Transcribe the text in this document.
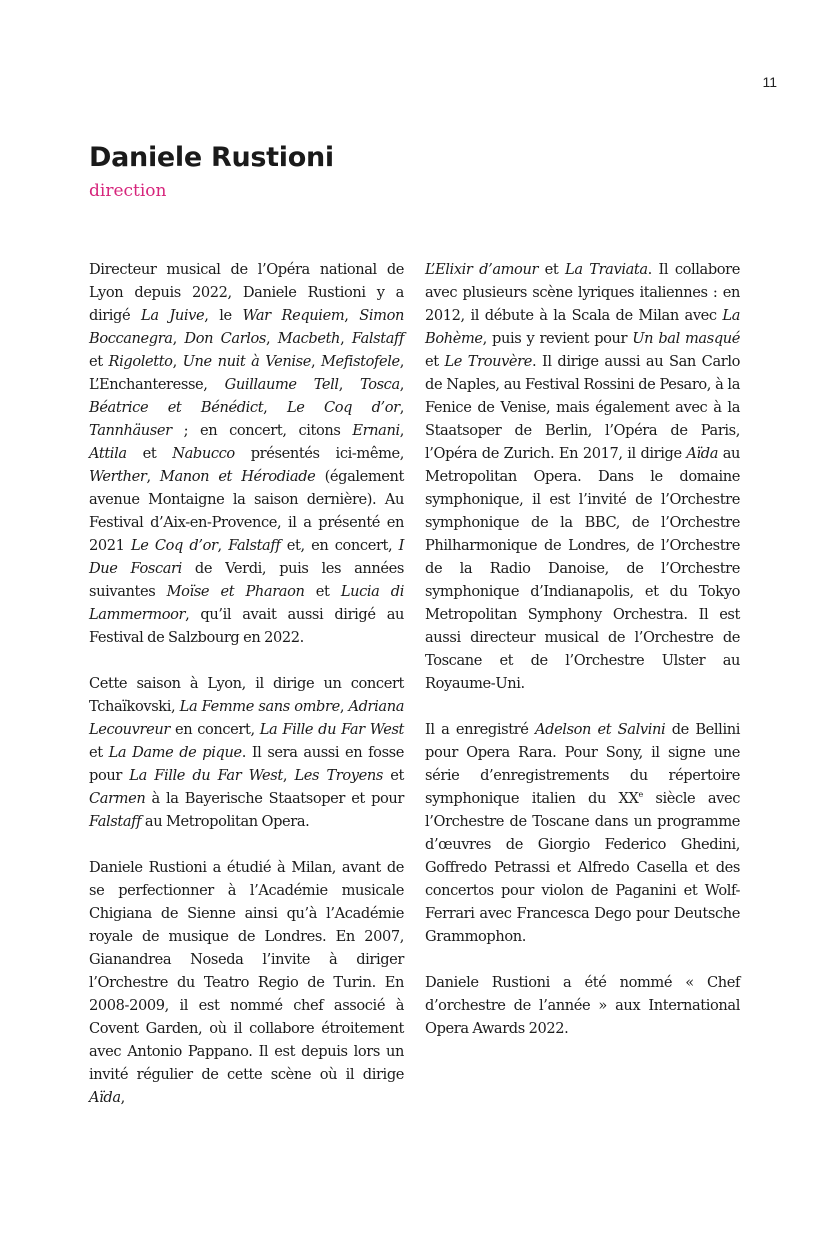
11
Daniele Rustioni
direction

Directeur musical de l’Opéra national de Lyon depuis 2022, Daniele Rustioni y a dirigé La Juive, le War Requiem, Simon Boccanegra, Don Carlos, Macbeth, Falstaff et Rigoletto, Une nuit à Venise, Mefistofele, L’Enchanteresse, Guillaume Tell, Tosca, Béatrice et Bénédict, Le Coq d’or, Tannhäuser ; en concert, citons Ernani, Attila et Nabucco présentés ici-même, Werther, Manon et Hérodiade (également avenue Montaigne la saison dernière). Au Festival d’Aix-en-Provence, il a présenté en 2021 Le Coq d’or, Falstaff et, en concert, I Due Foscari de Verdi, puis les années suivantes Moïse et Pharaon et Lucia di Lammermoor, qu’il avait aussi dirigé au Festival de Salzbourg en 2022.

Cette saison à Lyon, il dirige un concert Tchaïkovski, La Femme sans ombre, Adriana Lecouvreur en concert, La Fille du Far West et La Dame de pique. Il sera aussi en fosse pour La Fille du Far West, Les Troyens et Carmen à la Bayerische Staatsoper et pour Falstaff au Metropolitan Opera.

Daniele Rustioni a étudié à Milan, avant de se perfectionner à l’Académie musicale Chigiana de Sienne ainsi qu’à l’Académie royale de musique de Londres. En 2007, Gianandrea Noseda l’invite à diriger l’Orchestre du Teatro Regio de Turin. En 2008-2009, il est nommé chef associé à Covent Garden, où il collabore étroitement avec Antonio Pappano. Il est depuis lors un invité régulier de cette scène où il dirige Aïda,

L’Elixir d’amour et La Traviata. Il collabore avec plusieurs scène lyriques italiennes : en 2012, il débute à la Scala de Milan avec La Bohème, puis y revient pour Un bal masqué et Le Trouvère. Il dirige aussi au San Carlo de Naples, au Festival Rossini de Pesaro, à la Fenice de Venise, mais également avec à la Staatsoper de Berlin, l’Opéra de Paris, l’Opéra de Zurich. En 2017, il dirige Aïda au Metropolitan Opera. Dans le domaine symphonique, il est l’invité de l’Orchestre symphonique de la BBC, de l’Orchestre Philharmonique de Londres, de l’Orchestre de la Radio Danoise, de l’Orchestre symphonique d’Indianapolis, et du Tokyo Metropolitan Symphony Orchestra. Il est aussi directeur musical de l’Orchestre de Toscane et de l’Orchestre Ulster au Royaume-Uni.

Il a enregistré Adelson et Salvini de Bellini pour Opera Rara. Pour Sony, il signe une série d’enregistrements du répertoire symphonique italien du XXe siècle avec l’Orchestre de Toscane dans un programme d’œuvres de Giorgio Federico Ghedini, Goffredo Petrassi et Alfredo Casella et des concertos pour violon de Paganini et Wolf-Ferrari avec Francesca Dego pour Deutsche Grammophon.

Daniele Rustioni a été nommé « Chef d’orchestre de l’année » aux International Opera Awards 2022.
